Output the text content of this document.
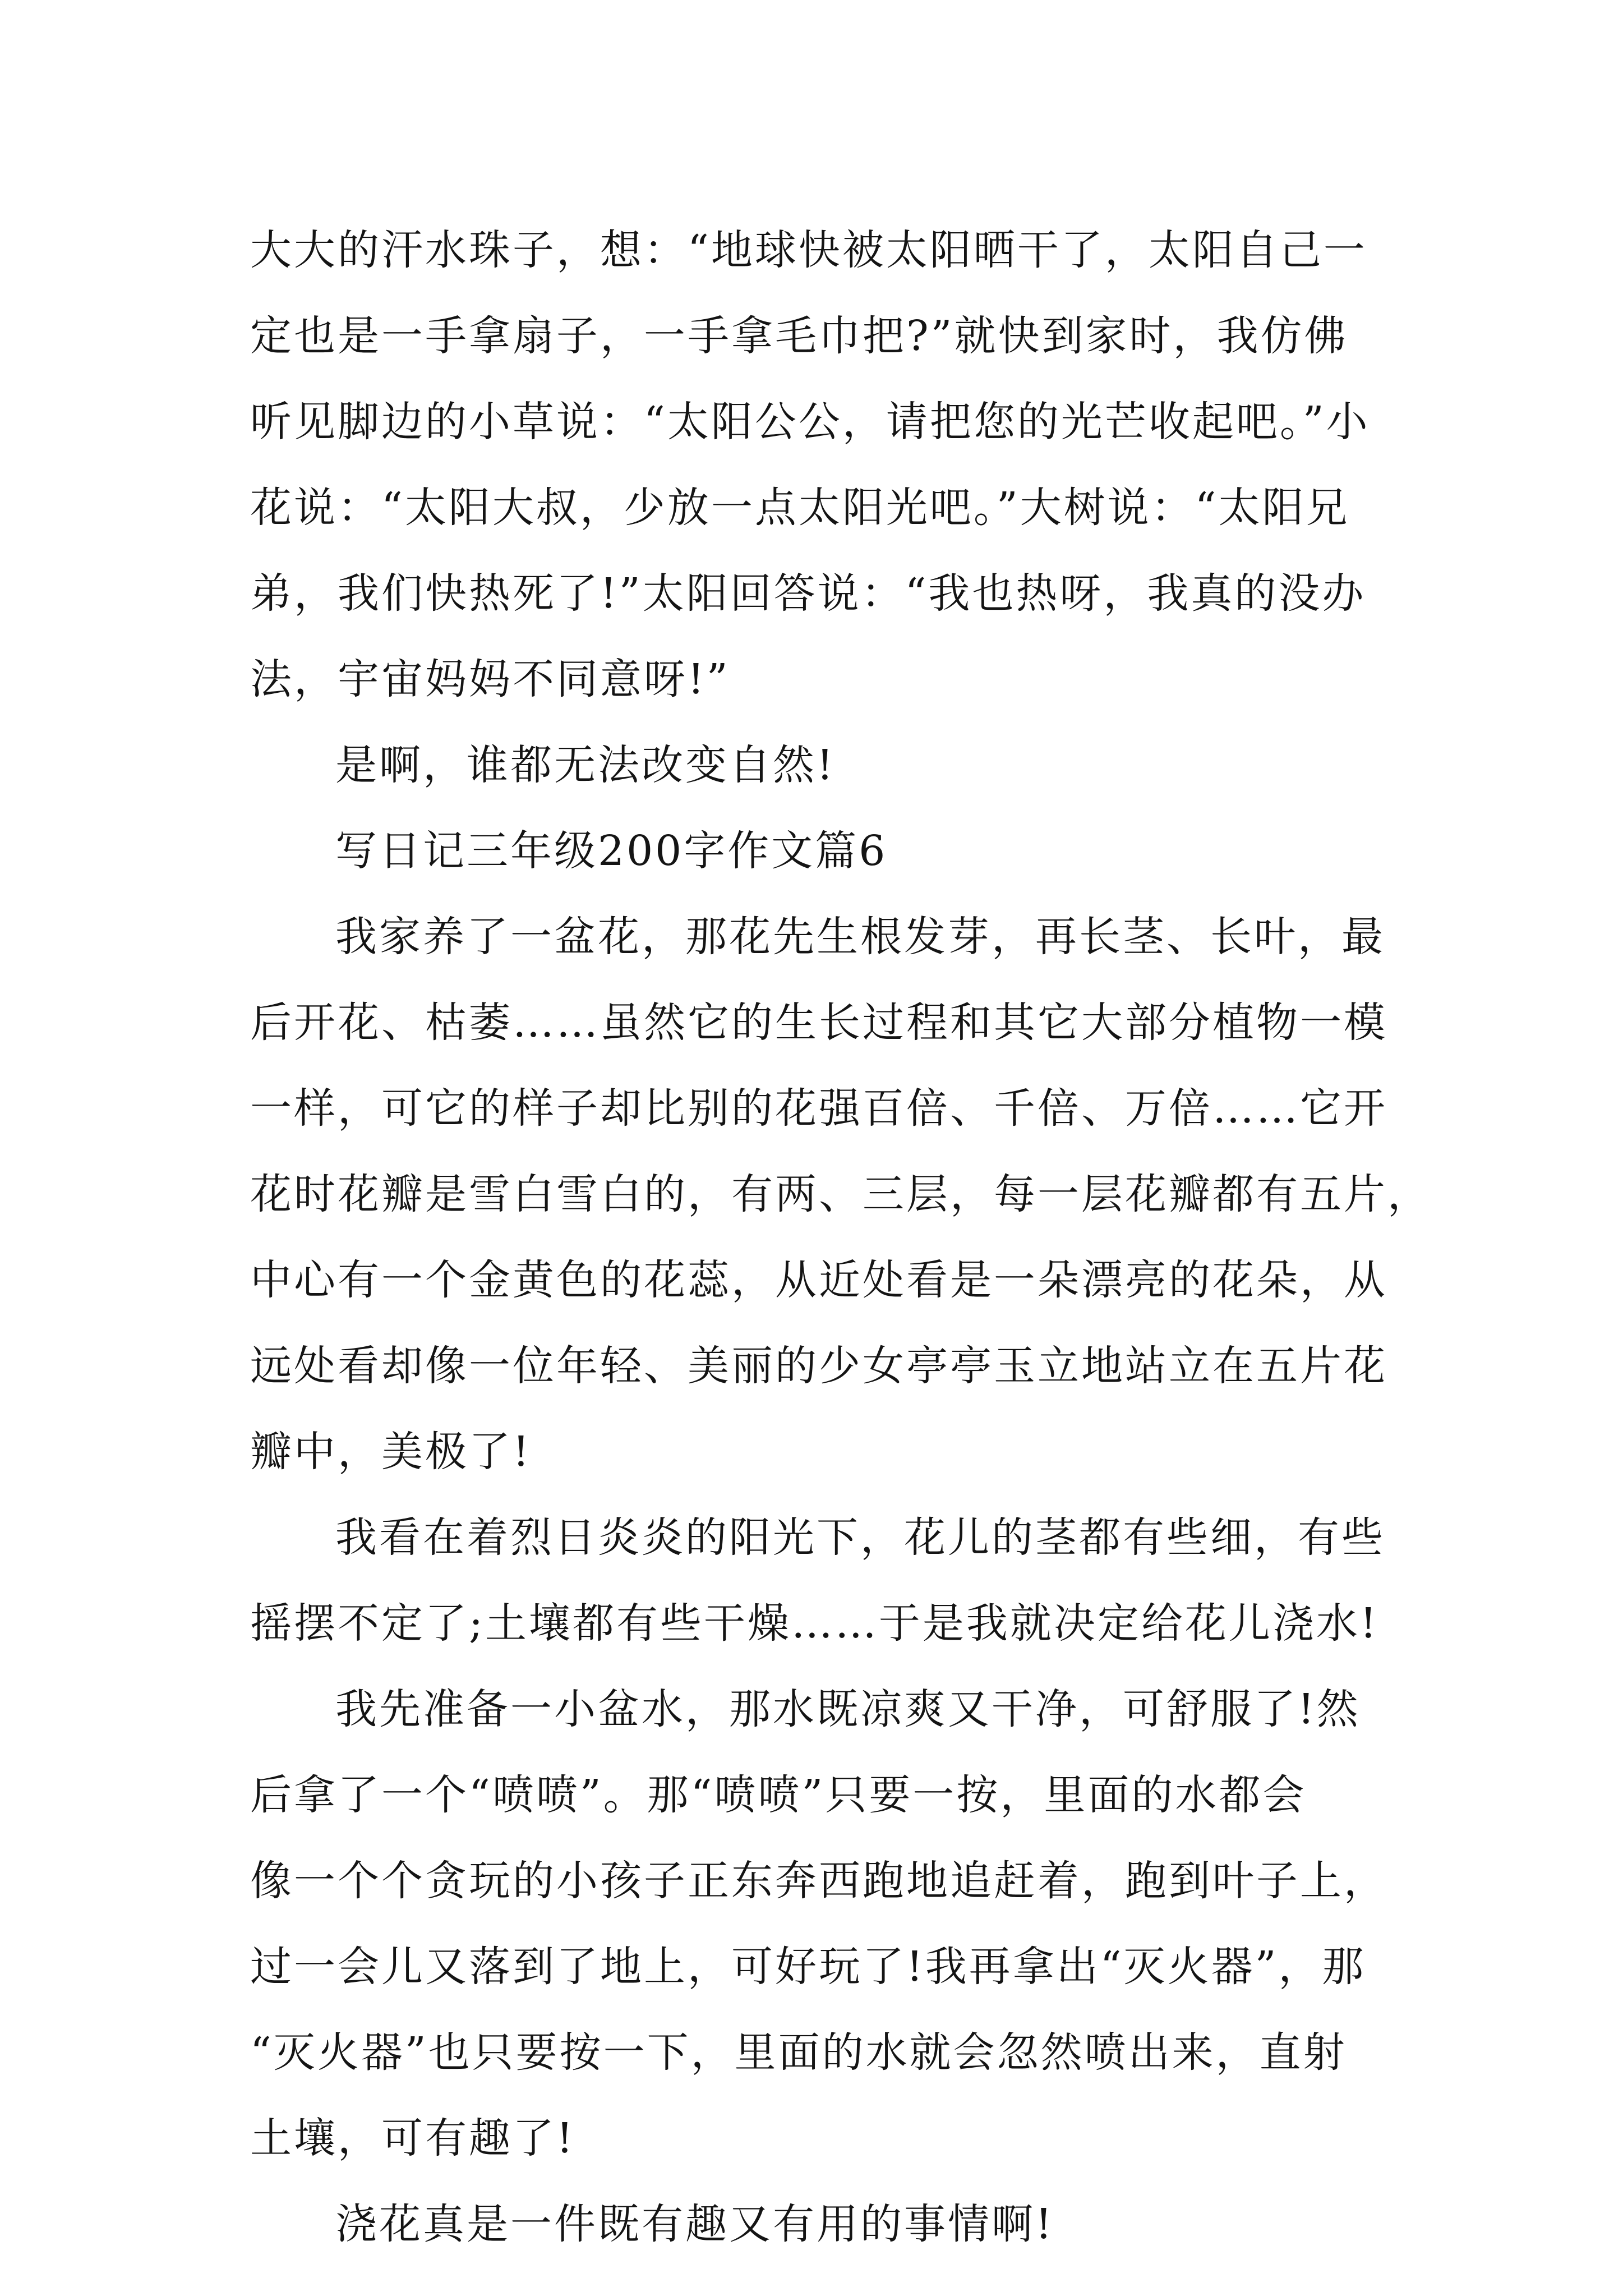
大大的汗水珠子，想：“地球快被太阳晒干了，太阳自己一

定也是一手拿扇子，一手拿毛巾把?”就快到家时，我仿佛

听见脚边的小草说：“太阳公公，请把您的光芒收起吧。”小

花说：“太阳大叔，少放一点太阳光吧。”大树说：“太阳兄

弟，我们快热死了!”太阳回答说：“我也热呀，我真的没办

法，宇宙妈妈不同意呀!”

是啊，谁都无法改变自然!

写日记三年级200字作文篇6

我家养了一盆花，那花先生根发芽，再长茎、长叶，最

后开花、枯萎……虽然它的生长过程和其它大部分植物一模

一样，可它的样子却比别的花强百倍、千倍、万倍……它开

花时花瓣是雪白雪白的，有两、三层，每一层花瓣都有五片，

中心有一个金黄色的花蕊，从近处看是一朵漂亮的花朵，从

远处看却像一位年轻、美丽的少女亭亭玉立地站立在五片花

瓣中，美极了!

我看在着烈日炎炎的阳光下，花儿的茎都有些细，有些

摇摆不定了;土壤都有些干燥……于是我就决定给花儿浇水!

我先准备一小盆水，那水既凉爽又干净，可舒服了!然

后拿了一个“喷喷”。那“喷喷”只要一按，里面的水都会

像一个个贪玩的小孩子正东奔西跑地追赶着，跑到叶子上，

过一会儿又落到了地上，可好玩了!我再拿出“灭火器”，那

“灭火器”也只要按一下，里面的水就会忽然喷出来，直射

土壤，可有趣了!

浇花真是一件既有趣又有用的事情啊!
